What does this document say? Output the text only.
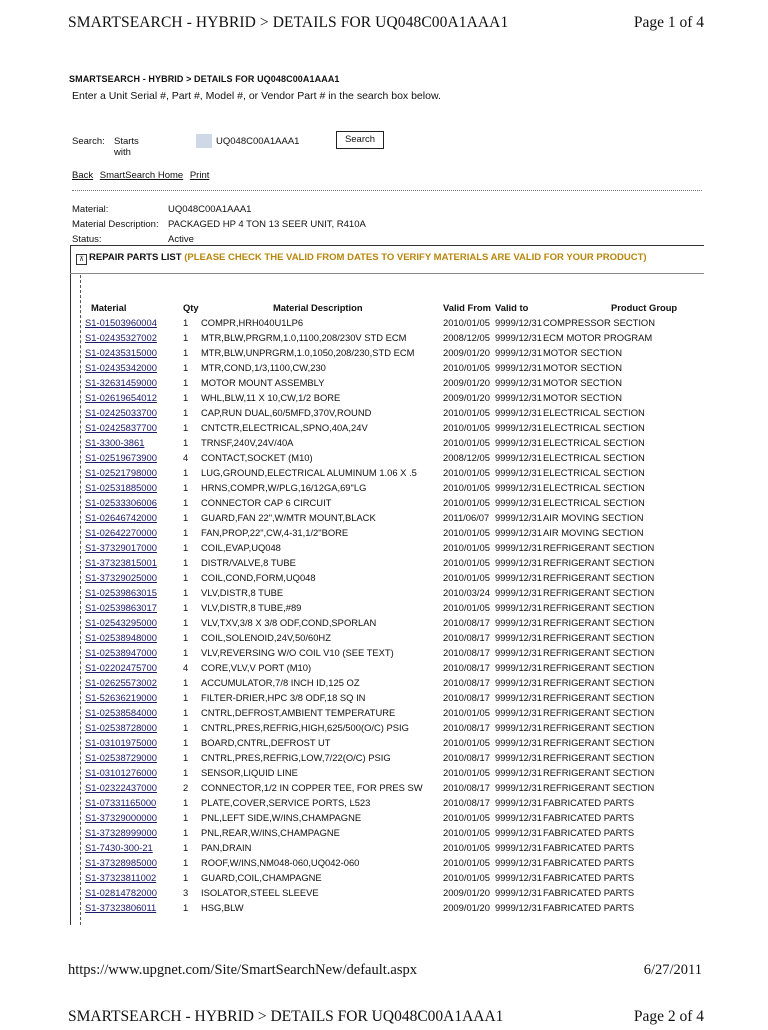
SMARTSEARCH - HYBRID > DETAILS FOR UQ048C00A1AAA1	Page 1 of 4
SMARTSEARCH - HYBRID > DETAILS FOR UQ048C00A1AAA1
Enter a Unit Serial #, Part #, Model #, or Vendor Part # in the search box below.
Search: Starts with
UQ048C00A1AAA1	Search
Back SmartSearch Home Print
Material:	UQ048C00A1AAA1
Material Description: PACKAGED HP 4 TON 13 SEER UNIT, R410A
Status:	Active
⊼ REPAIR PARTS LIST (PLEASE CHECK THE VALID FROM DATES TO VERIFY MATERIALS ARE VALID FOR YOUR PRODUCT)
Material	Qty	Material Description	Valid From	Valid to	Product Group
S1-01503960004	1	COMPR,HRH040U1LP6	2010/01/05	9999/12/31	COMPRESSOR SECTION
S1-02435327002	1	MTR,BLW,PRGRM,1.0,1100,208/230V STD ECM	2008/12/05	9999/12/31	ECM MOTOR PROGRAM
S1-02435315000	1	MTR,BLW,UNPRGRM,1.0,1050,208/230,STD ECM	2009/01/20	9999/12/31	MOTOR SECTION
S1-02435342000	1	MTR,COND,1/3,1100,CW,230	2010/01/05	9999/12/31	MOTOR SECTION
S1-32631459000	1	MOTOR MOUNT ASSEMBLY	2009/01/20	9999/12/31	MOTOR SECTION
S1-02619654012	1	WHL,BLW,11 X 10,CW,1/2 BORE	2009/01/20	9999/12/31	MOTOR SECTION
S1-02425033700	1	CAP,RUN DUAL,60/5MFD,370V,ROUND	2010/01/05	9999/12/31	ELECTRICAL SECTION
S1-02425837700	1	CNTCTR,ELECTRICAL,SPNO,40A,24V	2010/01/05	9999/12/31	ELECTRICAL SECTION
S1-3300-3861	1	TRNSF,240V,24V/40A	2010/01/05	9999/12/31	ELECTRICAL SECTION
S1-02519673900	4	CONTACT,SOCKET (M10)	2008/12/05	9999/12/31	ELECTRICAL SECTION
S1-02521798000	1	LUG,GROUND,ELECTRICAL ALUMINUM 1.06 X .5	2010/01/05	9999/12/31	ELECTRICAL SECTION
S1-02531885000	1	HRNS,COMPR,W/PLG,16/12GA,69"LG	2010/01/05	9999/12/31	ELECTRICAL SECTION
S1-02533306006	1	CONNECTOR CAP 6 CIRCUIT	2010/01/05	9999/12/31	ELECTRICAL SECTION
S1-02646742000	1	GUARD,FAN 22",W/MTR MOUNT,BLACK	2011/06/07	9999/12/31	AIR MOVING SECTION
S1-02642270000	1	FAN,PROP,22",CW,4-31,1/2"BORE	2010/01/05	9999/12/31	AIR MOVING SECTION
S1-37329017000	1	COIL,EVAP,UQ048	2010/01/05	9999/12/31	REFRIGERANT SECTION
S1-37323815001	1	DISTR/VALVE,8 TUBE	2010/01/05	9999/12/31	REFRIGERANT SECTION
S1-37329025000	1	COIL,COND,FORM,UQ048	2010/01/05	9999/12/31	REFRIGERANT SECTION
S1-02539863015	1	VLV,DISTR,8 TUBE	2010/03/24	9999/12/31	REFRIGERANT SECTION
S1-02539863017	1	VLV,DISTR,8 TUBE,#89	2010/01/05	9999/12/31	REFRIGERANT SECTION
S1-02543295000	1	VLV,TXV,3/8 X 3/8 ODF,COND,SPORLAN	2010/08/17	9999/12/31	REFRIGERANT SECTION
S1-02538948000	1	COIL,SOLENOID,24V,50/60HZ	2010/08/17	9999/12/31	REFRIGERANT SECTION
S1-02538947000	1	VLV,REVERSING W/O COIL V10 (SEE TEXT)	2010/08/17	9999/12/31	REFRIGERANT SECTION
S1-02202475700	4	CORE,VLV,V PORT (M10)	2010/08/17	9999/12/31	REFRIGERANT SECTION
S1-02625573002	1	ACCUMULATOR,7/8 INCH ID,125 OZ	2010/08/17	9999/12/31	REFRIGERANT SECTION
S1-52636219000	1	FILTER-DRIER,HPC 3/8 ODF,18 SQ IN	2010/08/17	9999/12/31	REFRIGERANT SECTION
S1-02538584000	1	CNTRL,DEFROST,AMBIENT TEMPERATURE	2010/01/05	9999/12/31	REFRIGERANT SECTION
S1-02538728000	1	CNTRL,PRES,REFRIG,HIGH,625/500(O/C) PSIG	2010/08/17	9999/12/31	REFRIGERANT SECTION
S1-03101975000	1	BOARD,CNTRL,DEFROST UT	2010/01/05	9999/12/31	REFRIGERANT SECTION
S1-02538729000	1	CNTRL,PRES,REFRIG,LOW,7/22(O/C) PSIG	2010/08/17	9999/12/31	REFRIGERANT SECTION
S1-03101276000	1	SENSOR,LIQUID LINE	2010/01/05	9999/12/31	REFRIGERANT SECTION
S1-02322437000	2	CONNECTOR,1/2 IN COPPER TEE, FOR PRES SW	2010/08/17	9999/12/31	REFRIGERANT SECTION
S1-07331165000	1	PLATE,COVER,SERVICE PORTS, L523	2010/08/17	9999/12/31	FABRICATED PARTS
S1-37329000000	1	PNL,LEFT SIDE,W/INS,CHAMPAGNE	2010/01/05	9999/12/31	FABRICATED PARTS
S1-37328999000	1	PNL,REAR,W/INS,CHAMPAGNE	2010/01/05	9999/12/31	FABRICATED PARTS
S1-7430-300-21	1	PAN,DRAIN	2010/01/05	9999/12/31	FABRICATED PARTS
S1-37328985000	1	ROOF,W/INS,NM048-060,UQ042-060	2010/01/05	9999/12/31	FABRICATED PARTS
S1-37323811002	1	GUARD,COIL,CHAMPAGNE	2010/01/05	9999/12/31	FABRICATED PARTS
S1-02814782000	3	ISOLATOR,STEEL SLEEVE	2009/01/20	9999/12/31	FABRICATED PARTS
S1-37323806011	1	HSG,BLW	2009/01/20	9999/12/31	FABRICATED PARTS
https://www.upgnet.com/Site/SmartSearchNew/default.aspx	6/27/2011
SMARTSEARCH - HYBRID > DETAILS FOR UQ048C00A1AAA1	Page 2 of 4
